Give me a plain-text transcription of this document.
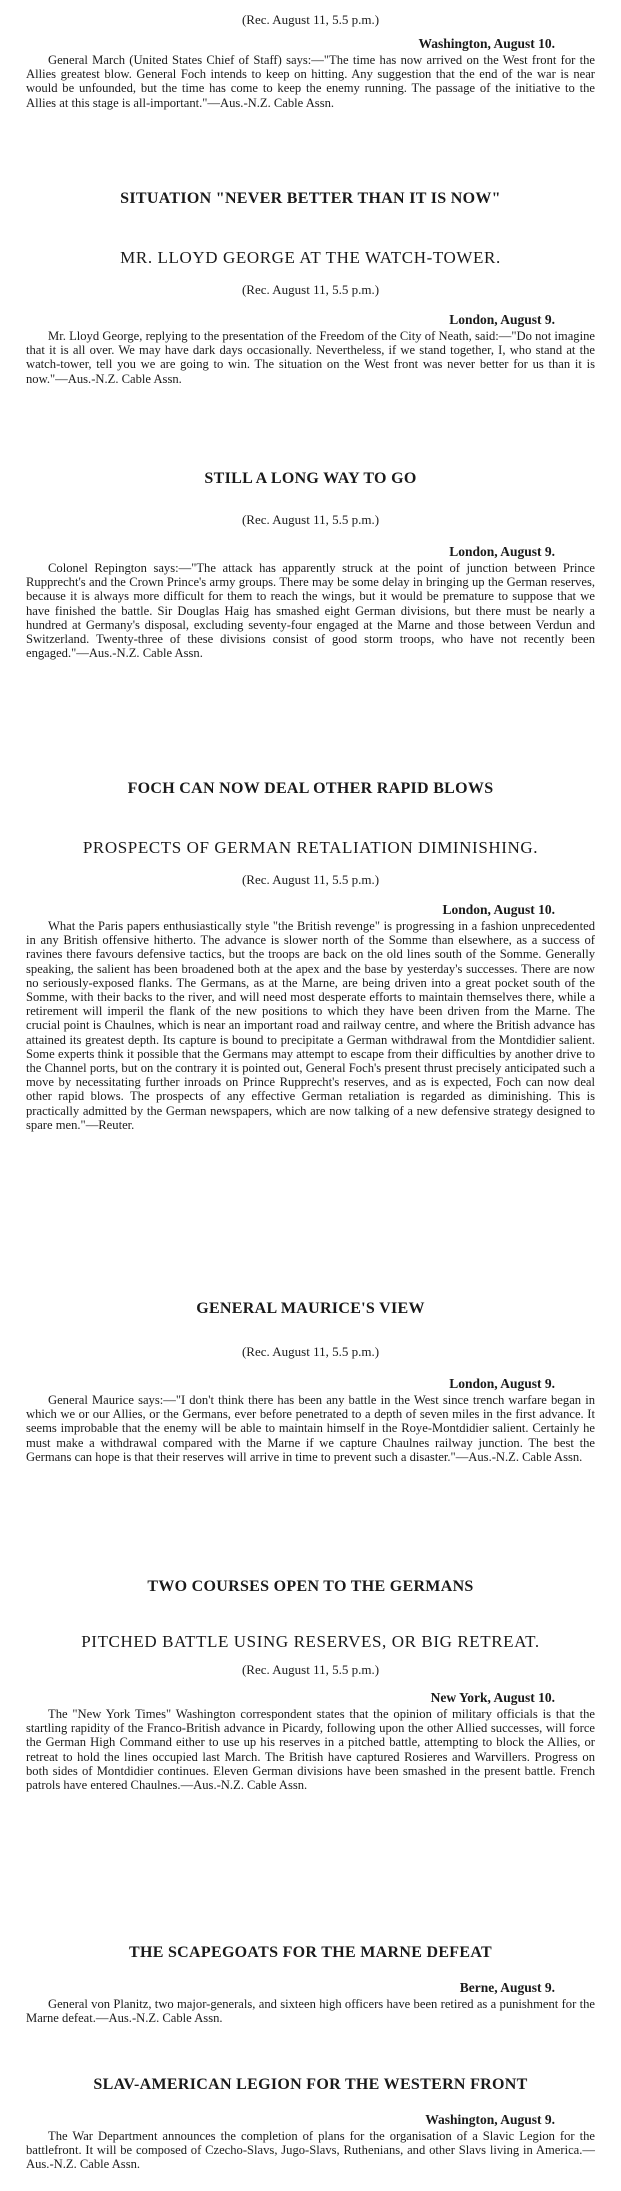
(Rec. August 11, 5.5 p.m.)

Washington, August 10.

General March (United States Chief of Staff) says:—"The time has now arrived on the West front for the Allies greatest blow. General Foch intends to keep on hitting. Any suggestion that the end of the war is near would be unfounded, but the time has come to keep the enemy running. The passage of the initiative to the Allies at this stage is all-important."—Aus.-N.Z. Cable Assn.

SITUATION "NEVER BETTER THAN IT IS NOW"

MR. LLOYD GEORGE AT THE WATCH-TOWER.

(Rec. August 11, 5.5 p.m.)

London, August 9.

Mr. Lloyd George, replying to the presentation of the Freedom of the City of Neath, said:—"Do not imagine that it is all over. We may have dark days occasionally. Nevertheless, if we stand together, I, who stand at the watch-tower, tell you we are going to win. The situation on the West front was never better for us than it is now."—Aus.-N.Z. Cable Assn.

STILL A LONG WAY TO GO

(Rec. August 11, 5.5 p.m.)

London, August 9.

Colonel Repington says:—"The attack has apparently struck at the point of junction between Prince Rupprecht's and the Crown Prince's army groups. There may be some delay in bringing up the German reserves, because it is always more difficult for them to reach the wings, but it would be premature to suppose that we have finished the battle. Sir Douglas Haig has smashed eight German divisions, but there must be nearly a hundred at Germany's disposal, excluding seventy-four engaged at the Marne and those between Verdun and Switzerland. Twenty-three of these divisions consist of good storm troops, who have not recently been engaged."—Aus.-N.Z. Cable Assn.

FOCH CAN NOW DEAL OTHER RAPID BLOWS

PROSPECTS OF GERMAN RETALIATION DIMINISHING.

(Rec. August 11, 5.5 p.m.)

London, August 10.

What the Paris papers enthusiastically style "the British revenge" is progressing in a fashion unprecedented in any British offensive hitherto. The advance is slower north of the Somme than elsewhere, as a success of ravines there favours defensive tactics, but the troops are back on the old lines south of the Somme. Generally speaking, the salient has been broadened both at the apex and the base by yesterday's successes. There are now no seriously-exposed flanks. The Germans, as at the Marne, are being driven into a great pocket south of the Somme, with their backs to the river, and will need most desperate efforts to maintain themselves there, while a retirement will imperil the flank of the new positions to which they have been driven from the Marne. The crucial point is Chaulnes, which is near an important road and railway centre, and where the British advance has attained its greatest depth. Its capture is bound to precipitate a German withdrawal from the Montdidier salient. Some experts think it possible that the Germans may attempt to escape from their difficulties by another drive to the Channel ports, but on the contrary it is pointed out, General Foch's present thrust precisely anticipated such a move by necessitating further inroads on Prince Rupprecht's reserves, and as is expected, Foch can now deal other rapid blows. The prospects of any effective German retaliation is regarded as diminishing. This is practically admitted by the German newspapers, which are now talking of a new defensive strategy designed to spare men."—Reuter.

GENERAL MAURICE'S VIEW

(Rec. August 11, 5.5 p.m.)

London, August 9.

General Maurice says:—"I don't think there has been any battle in the West since trench warfare began in which we or our Allies, or the Germans, ever before penetrated to a depth of seven miles in the first advance. It seems improbable that the enemy will be able to maintain himself in the Roye-Montdidier salient. Certainly he must make a withdrawal compared with the Marne if we capture Chaulnes railway junction. The best the Germans can hope is that their reserves will arrive in time to prevent such a disaster."—Aus.-N.Z. Cable Assn.

TWO COURSES OPEN TO THE GERMANS

PITCHED BATTLE USING RESERVES, OR BIG RETREAT.

(Rec. August 11, 5.5 p.m.)

New York, August 10.

The "New York Times" Washington correspondent states that the opinion of military officials is that the startling rapidity of the Franco-British advance in Picardy, following upon the other Allied successes, will force the German High Command either to use up his reserves in a pitched battle, attempting to block the Allies, or retreat to hold the lines occupied last March. The British have captured Rosieres and Warvillers. Progress on both sides of Montdidier continues. Eleven German divisions have been smashed in the present battle. French patrols have entered Chaulnes.—Aus.-N.Z. Cable Assn.

THE SCAPEGOATS FOR THE MARNE DEFEAT

Berne, August 9.

General von Planitz, two major-generals, and sixteen high officers have been retired as a punishment for the Marne defeat.—Aus.-N.Z. Cable Assn.

SLAV-AMERICAN LEGION FOR THE WESTERN FRONT

Washington, August 9.

The War Department announces the completion of plans for the organisation of a Slavic Legion for the battlefront. It will be composed of Czecho-Slavs, Jugo-Slavs, Ruthenians, and other Slavs living in America.—Aus.-N.Z. Cable Assn.
